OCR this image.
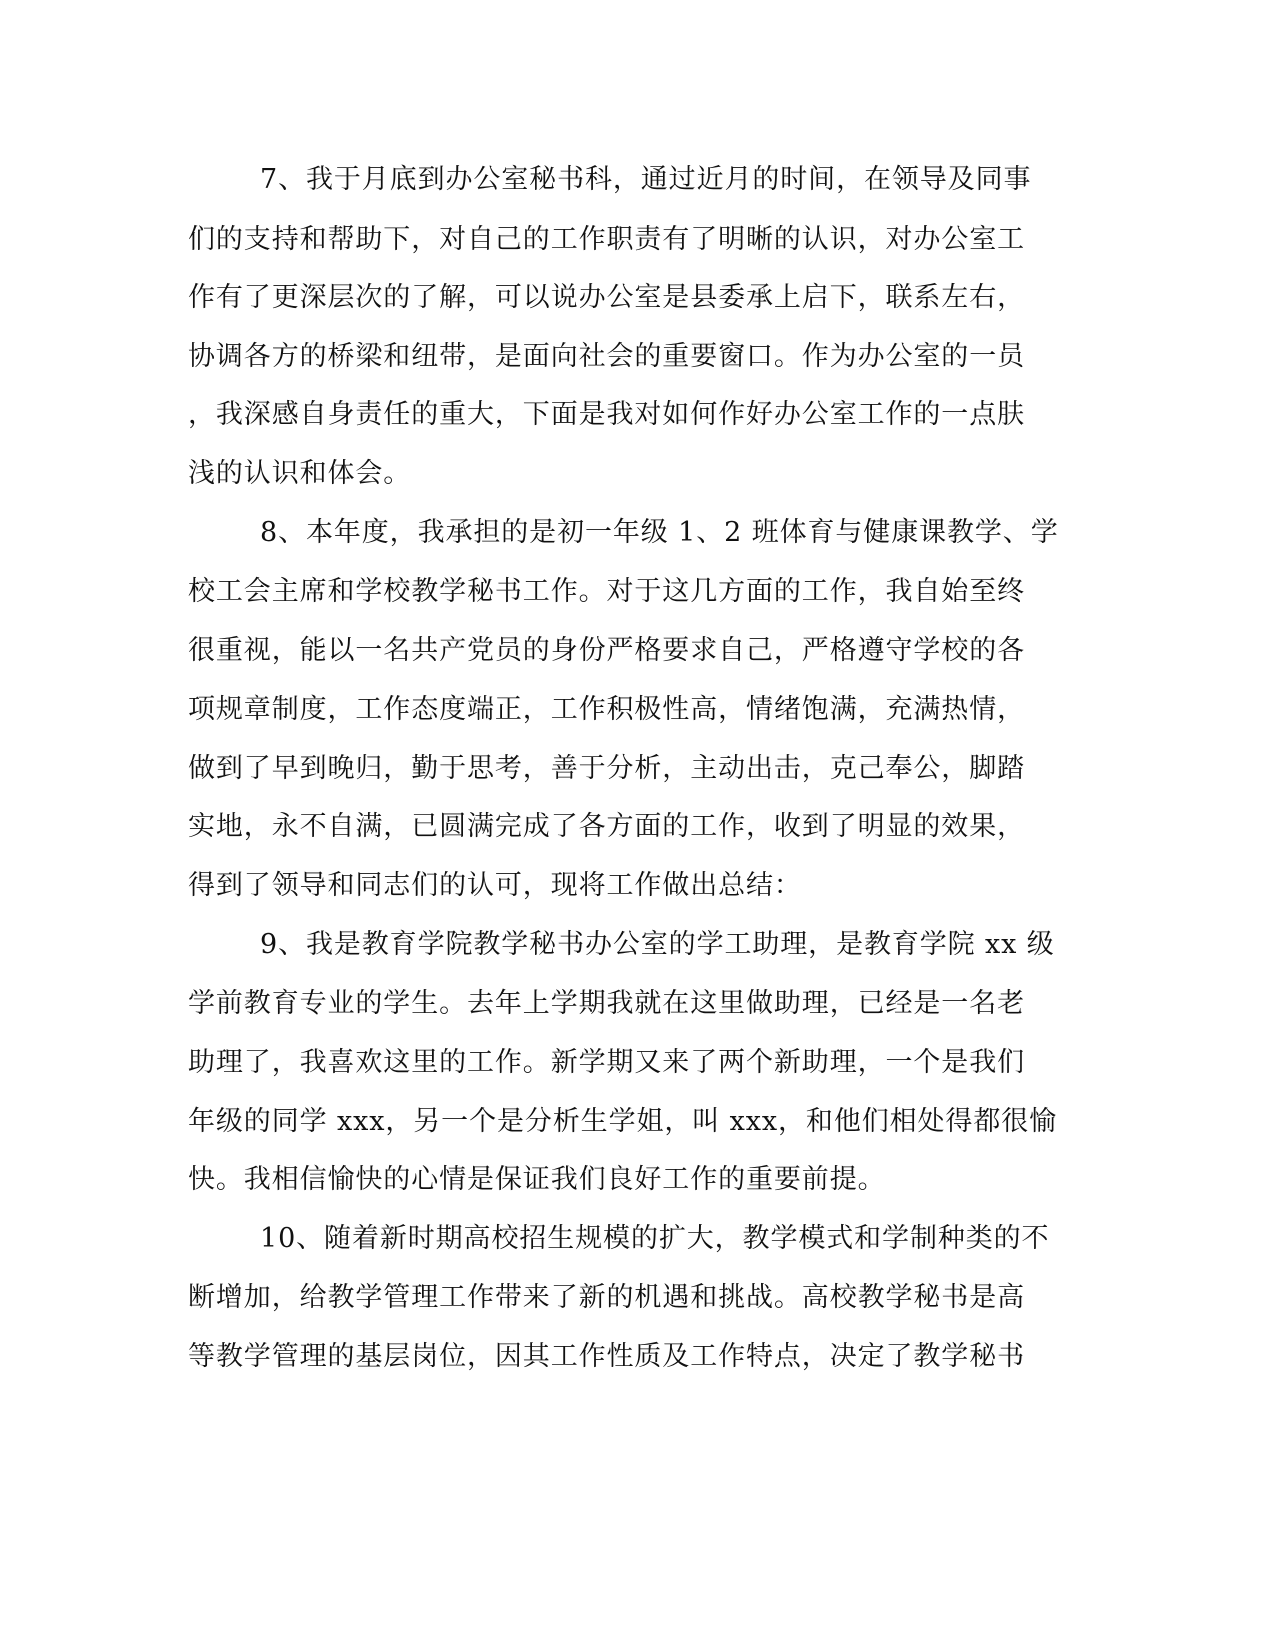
7、我于月底到办公室秘书科，通过近月的时间，在领导及同事
们的支持和帮助下，对自己的工作职责有了明晰的认识，对办公室工
作有了更深层次的了解，可以说办公室是县委承上启下，联系左右，
协调各方的桥梁和纽带，是面向社会的重要窗口。作为办公室的一员
，我深感自身责任的重大，下面是我对如何作好办公室工作的一点肤
浅的认识和体会。
8、本年度，我承担的是初一年级 1、2 班体育与健康课教学、学
校工会主席和学校教学秘书工作。对于这几方面的工作，我自始至终
很重视，能以一名共产党员的身份严格要求自己，严格遵守学校的各
项规章制度，工作态度端正，工作积极性高，情绪饱满，充满热情，
做到了早到晚归，勤于思考，善于分析，主动出击，克己奉公，脚踏
实地，永不自满，已圆满完成了各方面的工作，收到了明显的效果，
得到了领导和同志们的认可，现将工作做出总结：
9、我是教育学院教学秘书办公室的学工助理，是教育学院 xx 级
学前教育专业的学生。去年上学期我就在这里做助理，已经是一名老
助理了，我喜欢这里的工作。新学期又来了两个新助理，一个是我们
年级的同学 xxx，另一个是分析生学姐，叫 xxx，和他们相处得都很愉
快。我相信愉快的心情是保证我们良好工作的重要前提。
10、随着新时期高校招生规模的扩大，教学模式和学制种类的不
断增加，给教学管理工作带来了新的机遇和挑战。高校教学秘书是高
等教学管理的基层岗位，因其工作性质及工作特点，决定了教学秘书
